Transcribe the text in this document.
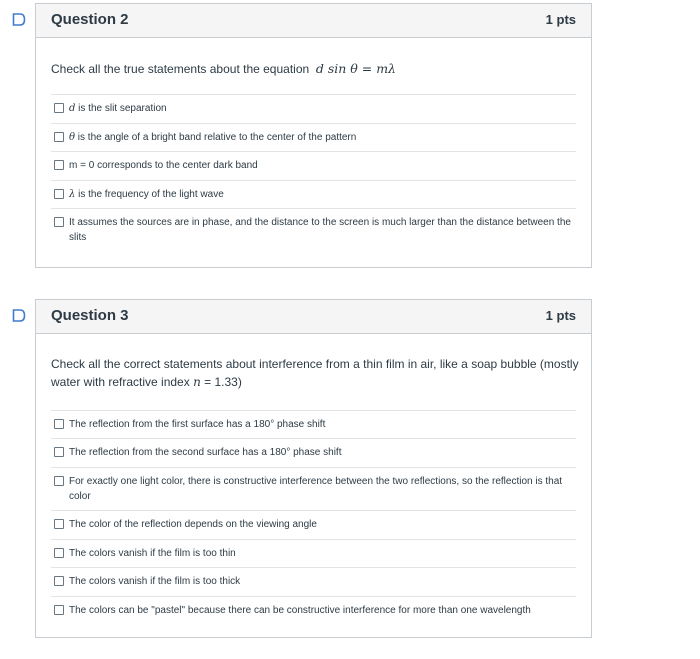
Question 2	1 pts
Check all the true statements about the equation d sin θ = mλ
d is the slit separation
θ is the angle of a bright band relative to the center of the pattern
m = 0 corresponds to the center dark band
λ is the frequency of the light wave
It assumes the sources are in phase, and the distance to the screen is much larger than the distance between the slits
Question 3	1 pts
Check all the correct statements about interference from a thin film in air, like a soap bubble (mostly water with refractive index n = 1.33)
The reflection from the first surface has a 180° phase shift
The reflection from the second surface has a 180° phase shift
For exactly one light color, there is constructive interference between the two reflections, so the reflection is that color
The color of the reflection depends on the viewing angle
The colors vanish if the film is too thin
The colors vanish if the film is too thick
The colors can be "pastel" because there can be constructive interference for more than one wavelength
